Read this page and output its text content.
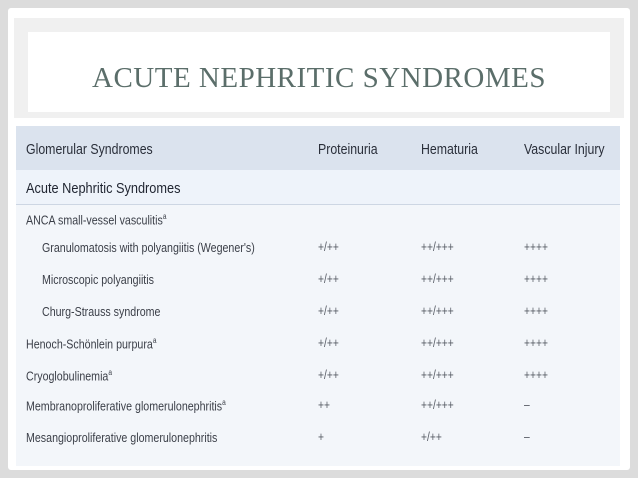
ACUTE NEPHRITIC SYNDROMES
Glomerular Syndromes	Proteinuria	Hematuria	Vascular Injury
Acute Nephritic Syndromes
ANCA small-vessel vasculitis$^a$
Granulomatosis with polyangiitis (Wegener's)	+/++	++/+++	++++
Microscopic polyangiitis	+/++	++/+++	++++
Churg-Strauss syndrome	+/++	++/+++	++++
Henoch-Schönlein purpura$^a$	+/++	++/+++	++++
Cryoglobulinemia$^a$	+/++	++/+++	++++
Membranoproliferative glomerulonephritis$^a$	++	++/+++	–
Mesangioproliferative glomerulonephritis	+	+/++	–
